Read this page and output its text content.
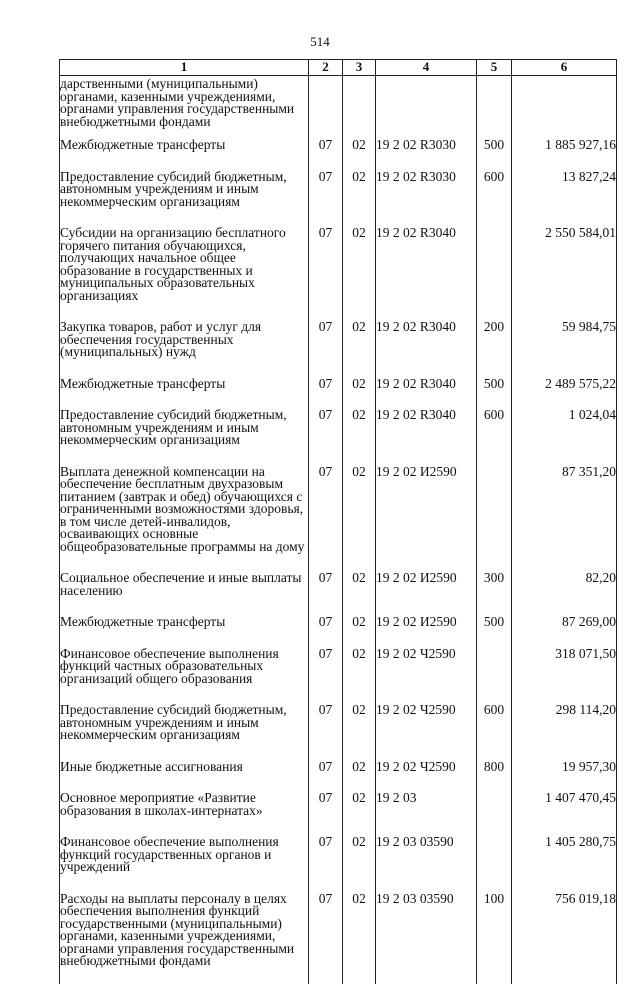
514
1	2	3	4	5	6
дарственными (муниципальными) органами, казенными учреждениями, органами управления государственными внебюджетными фондами					
Межбюджетные трансферты	07	02	19 2 02 R3030	500	1 885 927,16
Предоставление субсидий бюджетным, автономным учреждениям и иным некоммерческим организациям	07	02	19 2 02 R3030	600	13 827,24
Субсидии на организацию бесплатного горячего питания обучающихся, получающих начальное общее образование в государственных и муниципальных образовательных организациях	07	02	19 2 02 R3040		2 550 584,01
Закупка товаров, работ и услуг для обеспечения государственных (муниципальных) нужд	07	02	19 2 02 R3040	200	59 984,75
Межбюджетные трансферты	07	02	19 2 02 R3040	500	2 489 575,22
Предоставление субсидий бюджетным, автономным учреждениям и иным некоммерческим организациям	07	02	19 2 02 R3040	600	1 024,04
Выплата денежной компенсации на обеспечение бесплатным двухразовым питанием (завтрак и обед) обучающихся с ограниченными возможностями здоровья, в том числе детей-инвалидов, осваивающих основные общеобразовательные программы на дому	07	02	19 2 02 И2590		87 351,20
Социальное обеспечение и иные выплаты населению	07	02	19 2 02 И2590	300	82,20
Межбюджетные трансферты	07	02	19 2 02 И2590	500	87 269,00
Финансовое обеспечение выполнения функций частных образовательных организаций общего образования	07	02	19 2 02 Ч2590		318 071,50
Предоставление субсидий бюджетным, автономным учреждениям и иным некоммерческим организациям	07	02	19 2 02 Ч2590	600	298 114,20
Иные бюджетные ассигнования	07	02	19 2 02 Ч2590	800	19 957,30
Основное мероприятие «Развитие образования в школах-интернатах»	07	02	19 2 03		1 407 470,45
Финансовое обеспечение выполнения функций государственных органов и учреждений	07	02	19 2 03 03590		1 405 280,75
Расходы на выплаты персоналу в целях обеспечения выполнения функций государственными (муниципальными) органами, казенными учреждениями, органами управления государственными внебюджетными фондами	07	02	19 2 03 03590	100	756 019,18
